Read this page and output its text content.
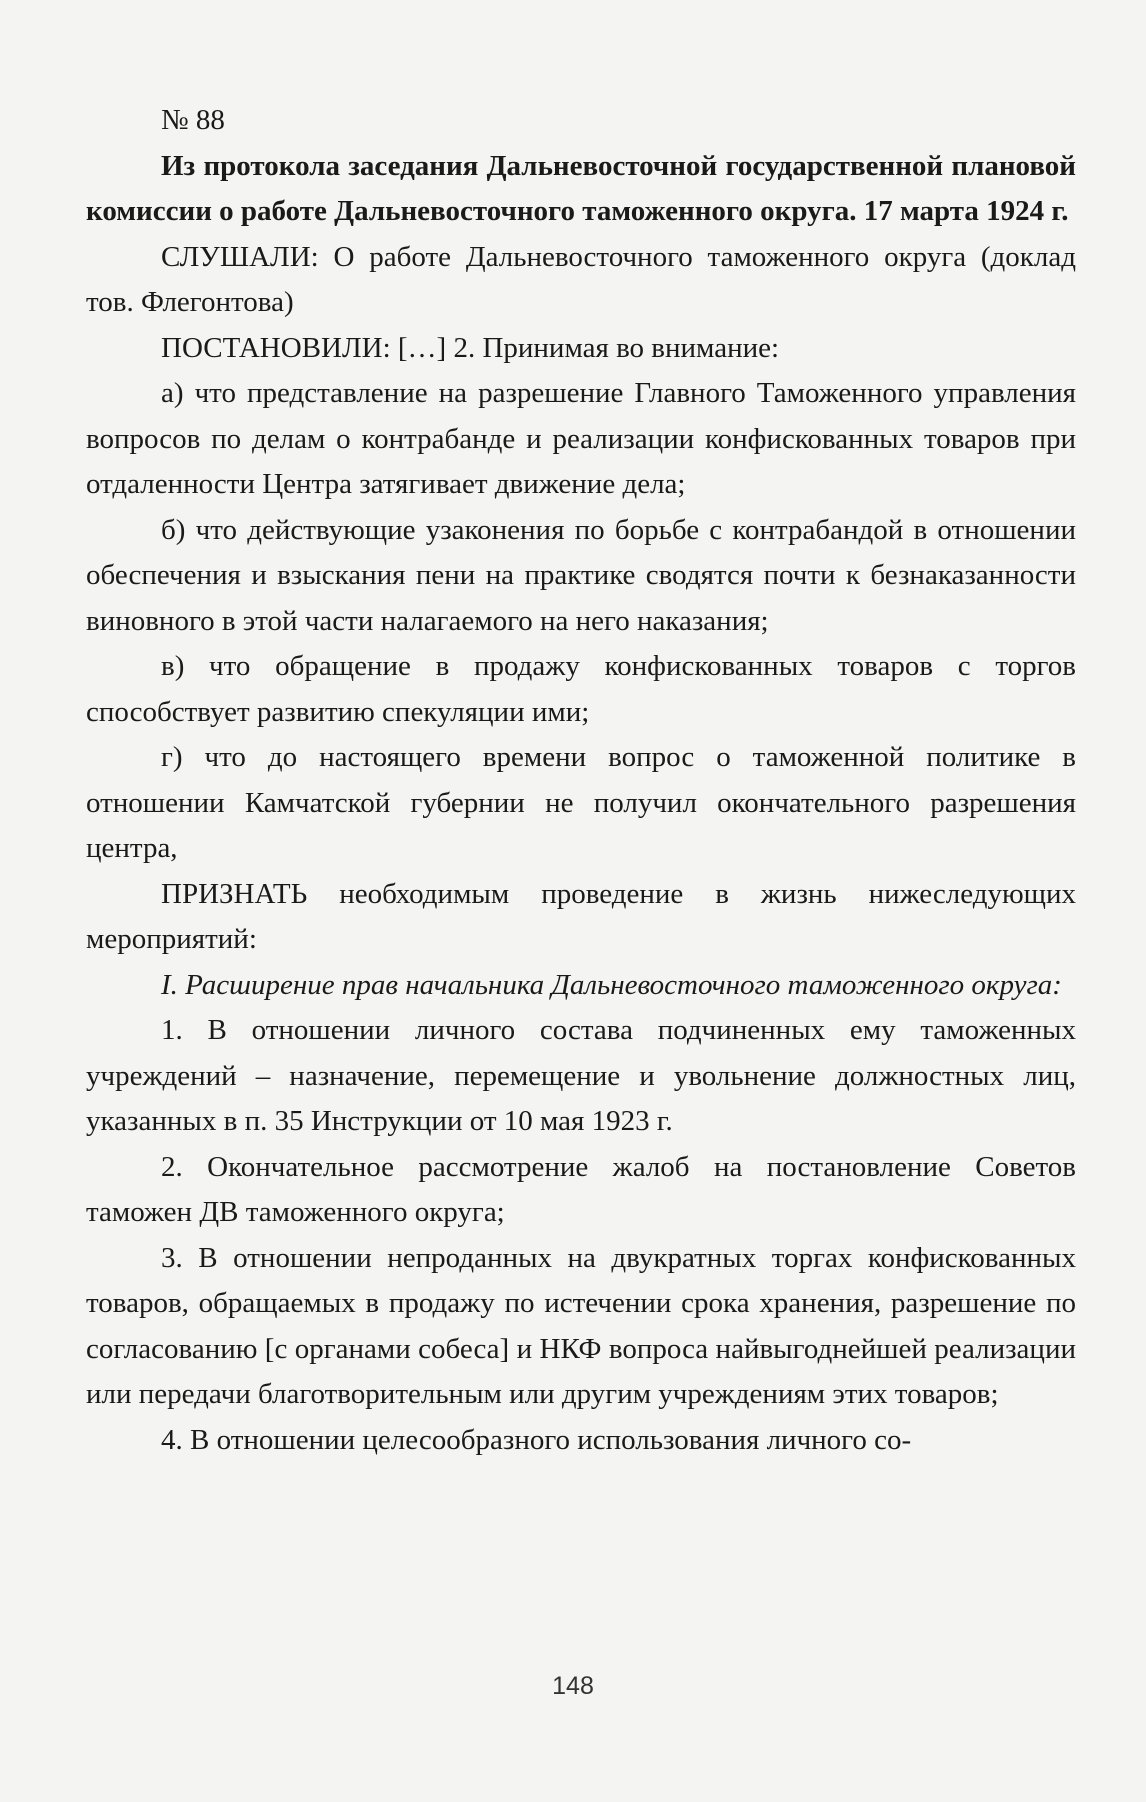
№ 88

Из протокола заседания Дальневосточной государственной плановой комиссии о работе Дальневосточного таможенного округа. 17 марта 1924 г.

СЛУШАЛИ: О работе Дальневосточного таможенного округа (доклад тов. Флегонтова)

ПОСТАНОВИЛИ: […] 2. Принимая во внимание:

а) что представление на разрешение Главного Таможенного управления вопросов по делам о контрабанде и реализации конфискованных товаров при отдаленности Центра затягивает движение дела;

б) что действующие узаконения по борьбе с контрабандой в отношении обеспечения и взыскания пени на практике сводятся почти к безнаказанности виновного в этой части налагаемого на него наказания;

в) что обращение в продажу конфискованных товаров с торгов способствует развитию спекуляции ими;

г) что до настоящего времени вопрос о таможенной политике в отношении Камчатской губернии не получил окончательного разрешения центра,

ПРИЗНАТЬ необходимым проведение в жизнь нижеследующих мероприятий:

I. Расширение прав начальника Дальневосточного таможенного округа:

1. В отношении личного состава подчиненных ему таможенных учреждений – назначение, перемещение и увольнение должностных лиц, указанных в п. 35 Инструкции от 10 мая 1923 г.

2. Окончательное рассмотрение жалоб на постановление Советов таможен ДВ таможенного округа;

3. В отношении непроданных на двукратных торгах конфискованных товаров, обращаемых в продажу по истечении срока хранения, разрешение по согласованию [с органами собеса] и НКФ вопроса найвыгоднейшей реализации или передачи благотворительным или другим учреждениям этих товаров;

4. В отношении целесообразного использования личного со-

148
